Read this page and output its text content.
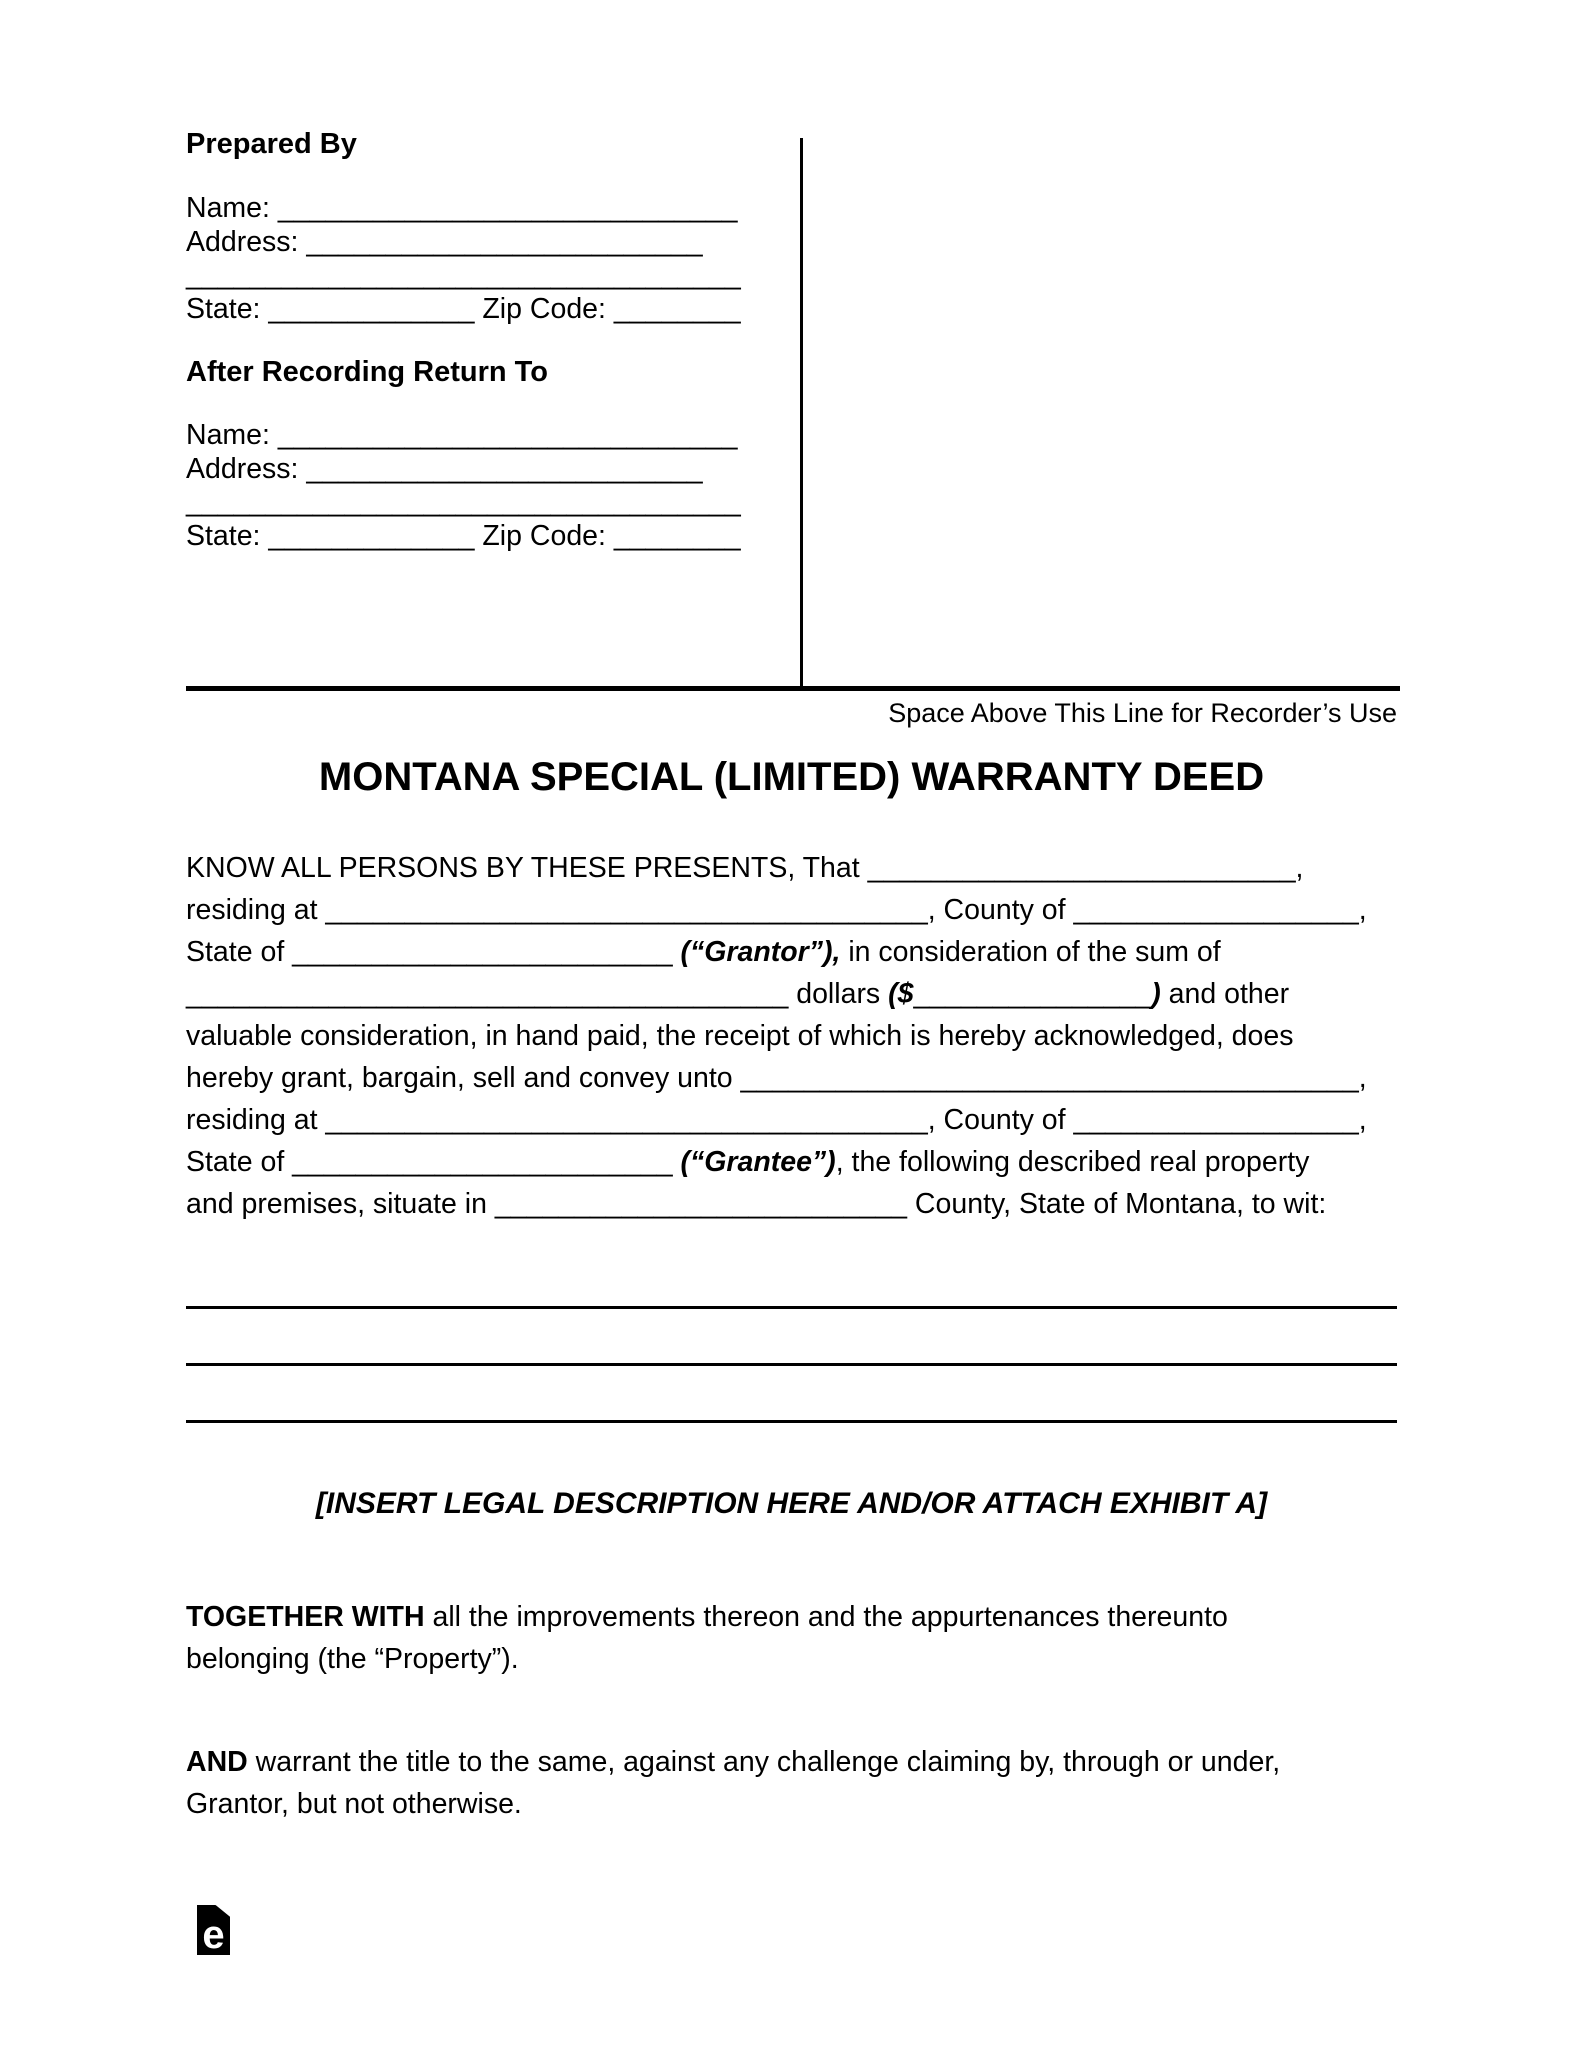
Prepared By
Name: _____________________________
Address: _________________________
___________________________________
State: _____________ Zip Code: ________
After Recording Return To
Name: _____________________________
Address: _________________________
___________________________________
State: _____________ Zip Code: ________
Space Above This Line for Recorder’s Use
MONTANA SPECIAL (LIMITED) WARRANTY DEED
KNOW ALL PERSONS BY THESE PRESENTS, That ___________________________,
residing at ______________________________________, County of __________________,
State of ________________________ (“Grantor”), in consideration of the sum of
______________________________________ dollars ($_______________) and other
valuable consideration, in hand paid, the receipt of which is hereby acknowledged, does
hereby grant, bargain, sell and convey unto _______________________________________,
residing at ______________________________________, County of __________________,
State of ________________________ (“Grantee”), the following described real property
and premises, situate in __________________________ County, State of Montana, to wit:
[INSERT LEGAL DESCRIPTION HERE AND/OR ATTACH EXHIBIT A]
TOGETHER WITH all the improvements thereon and the appurtenances thereunto
belonging (the “Property”).
AND warrant the title to the same, against any challenge claiming by, through or under,
Grantor, but not otherwise.
e
